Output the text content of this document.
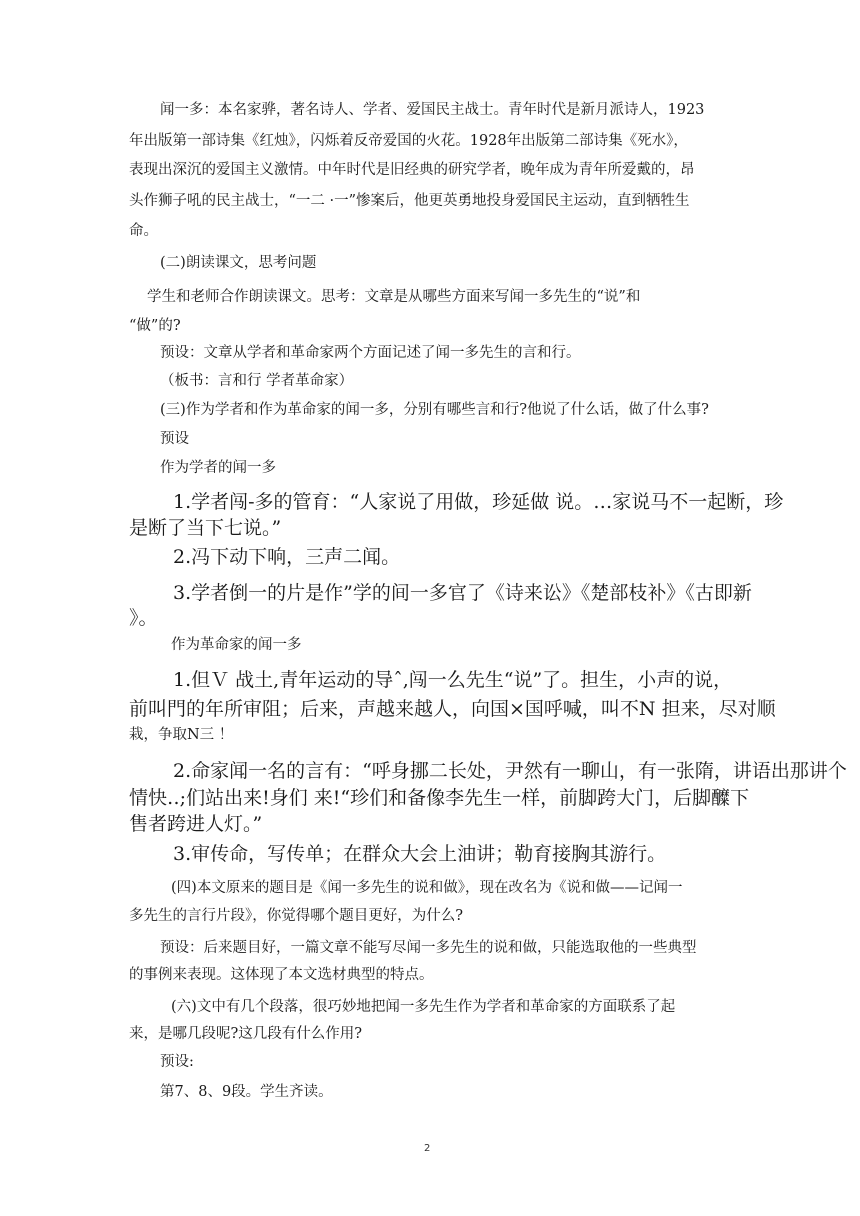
闻一多：本名家骅，著名诗人、学者、爱国民主战士。青年时代是新月派诗人，1923
年出版第一部诗集《红烛》，闪烁着反帝爱国的火花。1928年出版第二部诗集《死水》，
表现出深沉的爱国主义激情。中年时代是旧经典的研究学者，晚年成为青年所爱戴的，昂
头作狮子吼的民主战士，“一二 ·一”惨案后，他更英勇地投身爱国民主运动，直到牺牲生
命。
(二)朗读课文，思考问题
学生和老师合作朗读课文。思考：文章是从哪些方面来写闻一多先生的“说”和
“做”的?
预设：文章从学者和革命家两个方面记述了闻一多先生的言和行。
（板书：言和行 学者革命家）
(三)作为学者和作为革命家的闻一多，分别有哪些言和行?他说了什么话，做了什么事?
预设
作为学者的闻一多
1.学者闯-多的管育：“人家说了用做，珍延做 说。…家说马不一起断，珍
是断了当下七说。”
2.冯下动下响，三声二闻。
3.学者倒一的片是作”学的间一多官了《诗来讼》《楚部枝补》《古即新
》。
作为革命家的闻一多
1.但Ｖ 战土,青年运动的导ˆ,闯一么先生“说”了。担生，小声的说，
前叫門的年所审阻；后来，声越来越人，向国×国呼喊，叫不N 担来，尽对顺
栽，争取N三 ！
2.命家闻一名的言有：“呼身挪二长处，尹然有一聊山，有一张隋，讲语出那讲个
情快‥;们站出来!身们 来!“珍们和备像李先生一样，前脚跨大门，后脚醾下
售者跨进人灯。”
3.审传命，写传单；在群众大会上油讲；勒育接胸其游行。
(四)本文原来的题目是《闻一多先生的说和做》，现在改名为《说和做——记闻一
多先生的言行片段》，你觉得哪个题目更好，为什么?
预设：后来题目好，一篇文章不能写尽闻一多先生的说和做，只能选取他的一些典型
的事例来表现。这体现了本文选材典型的特点。
(六)文中有几个段落，很巧妙地把闻一多先生作为学者和革命家的方面联系了起
来，是哪几段呢?这几段有什么作用?
预设:
第7、8、9段。学生齐读。
2
